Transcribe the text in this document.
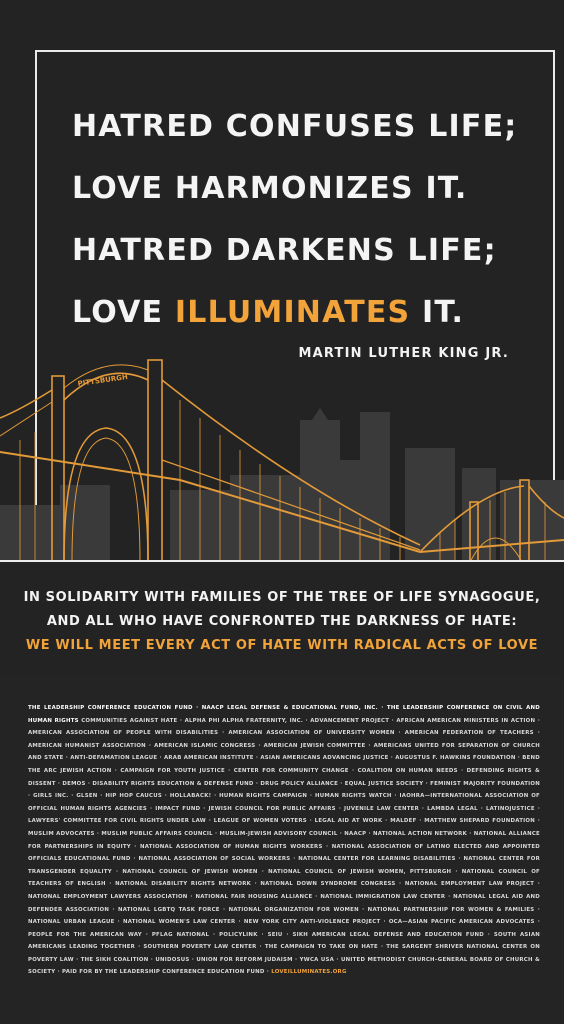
HATRED CONFUSES LIFE;
LOVE HARMONIZES IT.
HATRED DARKENS LIFE;
LOVE ILLUMINATES IT.
MARTIN LUTHER KING JR.
PITTSBURGH
IN SOLIDARITY WITH FAMILIES OF THE TREE OF LIFE SYNAGOGUE,
AND ALL WHO HAVE CONFRONTED THE DARKNESS OF HATE:
WE WILL MEET EVERY ACT OF HATE WITH RADICAL ACTS OF LOVE
THE LEADERSHIP CONFERENCE EDUCATION FUND · NAACP LEGAL DEFENSE & EDUCATIONAL FUND, INC. · THE LEADERSHIP CONFERENCE ON CIVIL AND HUMAN RIGHTS COMMUNITIES AGAINST HATE · ALPHA PHI ALPHA FRATERNITY, INC. · ADVANCEMENT PROJECT · AFRICAN AMERICAN MINISTERS IN ACTION · AMERICAN ASSOCIATION OF PEOPLE WITH DISABILITIES · AMERICAN ASSOCIATION OF UNIVERSITY WOMEN · AMERICAN FEDERATION OF TEACHERS · AMERICAN HUMANIST ASSOCIATION · AMERICAN ISLAMIC CONGRESS · AMERICAN JEWISH COMMITTEE · AMERICANS UNITED FOR SEPARATION OF CHURCH AND STATE · ANTI-DEFAMATION LEAGUE · ARAB AMERICAN INSTITUTE · ASIAN AMERICANS ADVANCING JUSTICE · AUGUSTUS F. HAWKINS FOUNDATION · BEND THE ARC JEWISH ACTION · CAMPAIGN FOR YOUTH JUSTICE · CENTER FOR COMMUNITY CHANGE · COALITION ON HUMAN NEEDS · DEFENDING RIGHTS & DISSENT · DEMOS · DISABILITY RIGHTS EDUCATION & DEFENSE FUND · DRUG POLICY ALLIANCE · EQUAL JUSTICE SOCIETY · FEMINIST MAJORITY FOUNDATION · GIRLS INC. · GLSEN · HIP HOP CAUCUS · HOLLABACK! · HUMAN RIGHTS CAMPAIGN · HUMAN RIGHTS WATCH · IAOHRA—INTERNATIONAL ASSOCIATION OF OFFICIAL HUMAN RIGHTS AGENCIES · IMPACT FUND · JEWISH COUNCIL FOR PUBLIC AFFAIRS · JUVENILE LAW CENTER · LAMBDA LEGAL · LATINOJUSTICE · LAWYERS' COMMITTEE FOR CIVIL RIGHTS UNDER LAW · LEAGUE OF WOMEN VOTERS · LEGAL AID AT WORK · MALDEF · MATTHEW SHEPARD FOUNDATION · MUSLIM ADVOCATES · MUSLIM PUBLIC AFFAIRS COUNCIL · MUSLIM-JEWISH ADVISORY COUNCIL · NAACP · NATIONAL ACTION NETWORK · NATIONAL ALLIANCE FOR PARTNERSHIPS IN EQUITY · NATIONAL ASSOCIATION OF HUMAN RIGHTS WORKERS · NATIONAL ASSOCIATION OF LATINO ELECTED AND APPOINTED OFFICIALS EDUCATIONAL FUND · NATIONAL ASSOCIATION OF SOCIAL WORKERS · NATIONAL CENTER FOR LEARNING DISABILITIES · NATIONAL CENTER FOR TRANSGENDER EQUALITY · NATIONAL COUNCIL OF JEWISH WOMEN · NATIONAL COUNCIL OF JEWISH WOMEN, PITTSBURGH · NATIONAL COUNCIL OF TEACHERS OF ENGLISH · NATIONAL DISABILITY RIGHTS NETWORK · NATIONAL DOWN SYNDROME CONGRESS · NATIONAL EMPLOYMENT LAW PROJECT · NATIONAL EMPLOYMENT LAWYERS ASSOCIATION · NATIONAL FAIR HOUSING ALLIANCE · NATIONAL IMMIGRATION LAW CENTER · NATIONAL LEGAL AID AND DEFENDER ASSOCIATION · NATIONAL LGBTQ TASK FORCE · NATIONAL ORGANIZATION FOR WOMEN · NATIONAL PARTNERSHIP FOR WOMEN & FAMILIES · NATIONAL URBAN LEAGUE · NATIONAL WOMEN'S LAW CENTER · NEW YORK CITY ANTI-VIOLENCE PROJECT · OCA—ASIAN PACIFIC AMERICAN ADVOCATES · PEOPLE FOR THE AMERICAN WAY · PFLAG NATIONAL · POLICYLINK · SEIU · SIKH AMERICAN LEGAL DEFENSE AND EDUCATION FUND · SOUTH ASIAN AMERICANS LEADING TOGETHER · SOUTHERN POVERTY LAW CENTER · THE CAMPAIGN TO TAKE ON HATE · THE SARGENT SHRIVER NATIONAL CENTER ON POVERTY LAW · THE SIKH COALITION · UNIDOSUS · UNION FOR REFORM JUDAISM · YWCA USA · UNITED METHODIST CHURCH–GENERAL BOARD OF CHURCH & SOCIETY · PAID FOR BY THE LEADERSHIP CONFERENCE EDUCATION FUND · LOVEILLUMINATES.ORG
